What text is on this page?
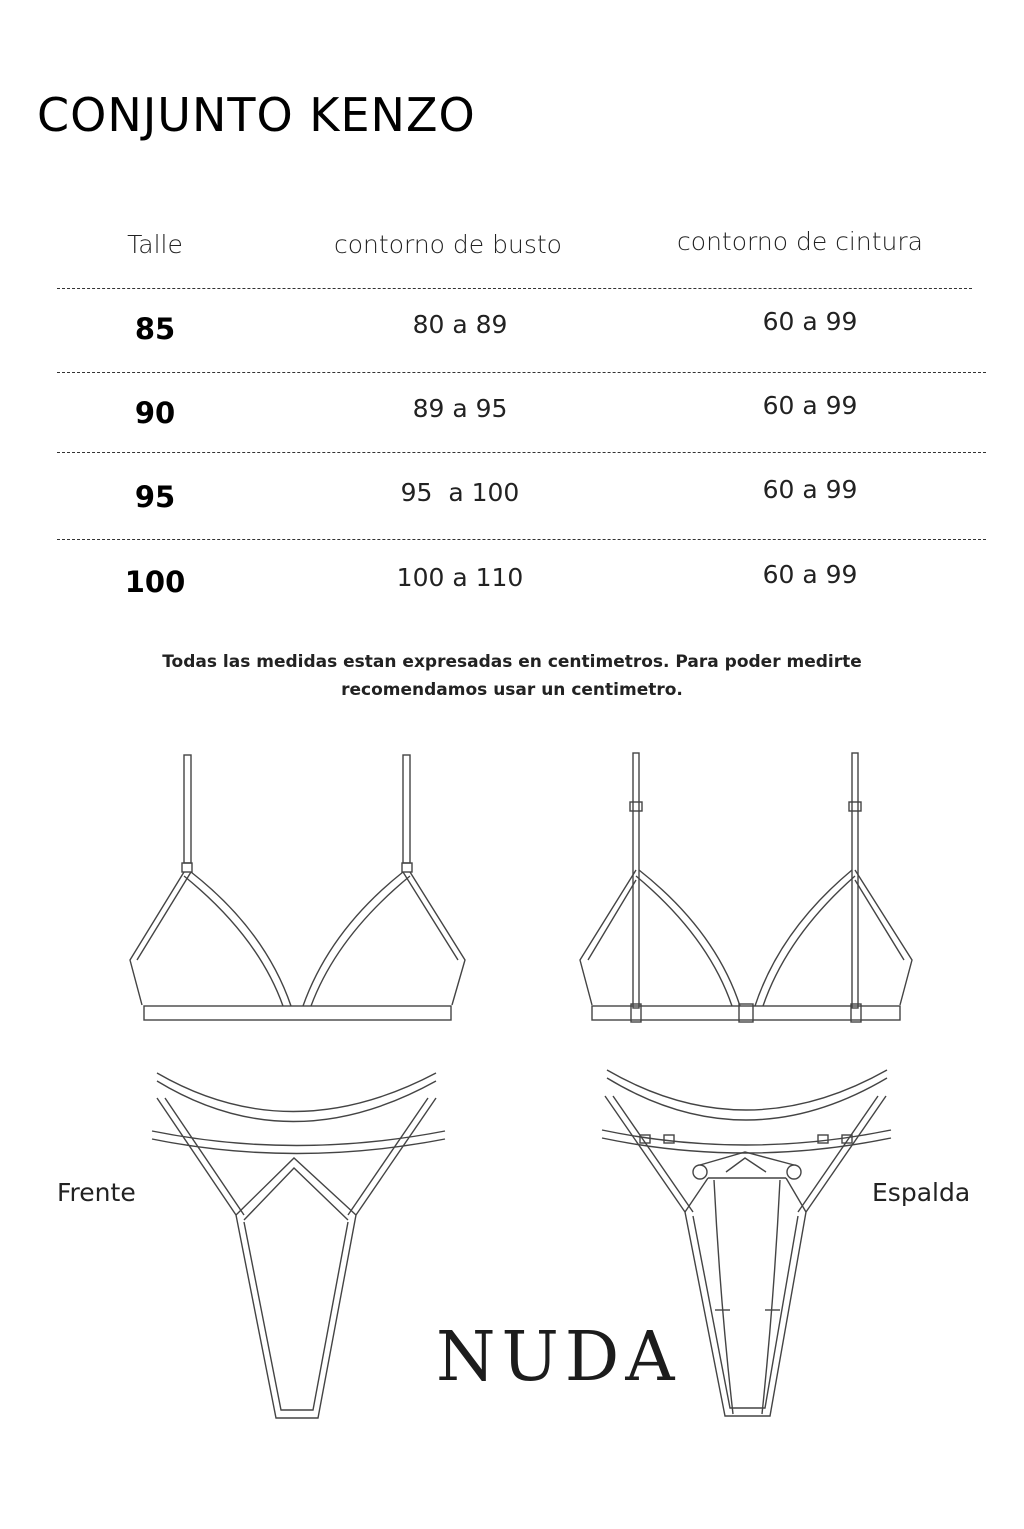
CONJUNTO KENZO
Talle	contorno de busto	contorno de cintura
85	80 a 89	60 a 99
90	89 a 95	60 a 99
95	95  a 100	60 a 99
100	100 a 110	60 a 99
Todas las medidas estan expresadas en centimetros. Para poder medirte
recomendamos usar un centimetro.
Frente	Espalda
NUDA
